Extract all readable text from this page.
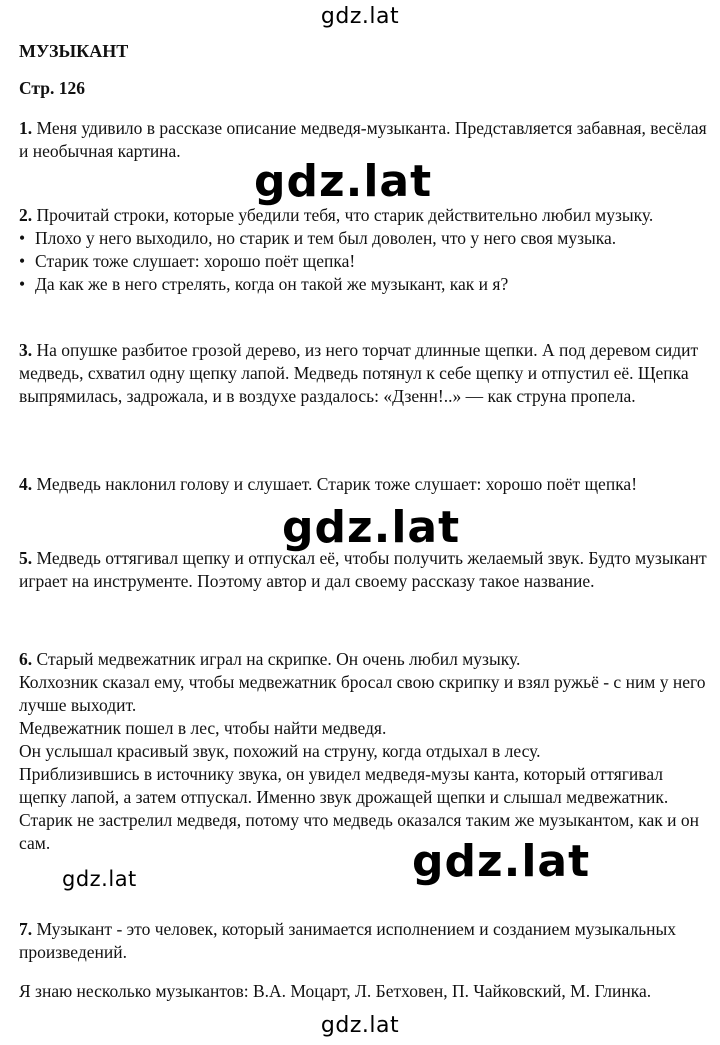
gdz.lat

МУЗЫКАНТ

Стр. 126

1. Меня удивило в рассказе описание медведя-музыканта. Представляется забавная, весёлая и необычная картина.

2. Прочитай строки, которые убедили тебя, что старик действительно любил музыку.

• Плохо у него выходило, но старик и тем был доволен, что у него своя музыка.

• Старик тоже слушает: хорошо поёт щепка!

• Да как же в него стрелять, когда он такой же музыкант, как и я?

3. На опушке разбитое грозой дерево, из него торчат длинные щепки. А под деревом сидит медведь, схватил одну щепку лапой. Медведь потянул к себе щепку и отпустил её. Щепка выпрямилась, задрожала, и в воздухе раздалось: «Дзенн!..» — как струна пропела.

4. Медведь наклонил голову и слушает. Старик тоже слушает: хорошо поёт щепка!

5. Медведь оттягивал щепку и отпускал её, чтобы получить желаемый звук. Будто музыкант играет на инструменте. Поэтому автор и дал своему рассказу такое название.

6. Старый медвежатник играл на скрипке. Он очень любил музыку.

Колхозник сказал ему, чтобы медвежатник бросал свою скрипку и взял ружьё - с ним у него лучше выходит.

Медвежатник пошел в лес, чтобы найти медведя.

Он услышал красивый звук, похожий на струну, когда отдыхал в лесу.

Приблизившись в источнику звука, он увидел медведя-музы канта, который оттягивал щепку лапой, а затем отпускал. Именно звук дрожащей щепки и слышал медвежатник.

Старик не застрелил медведя, потому что медведь оказался таким же музыкантом, как и он сам.

7. Музыкант - это человек, который занимается исполнением и созданием музыкальных произведений.

Я знаю несколько музыкантов: В.А. Моцарт, Л. Бетховен, П. Чайковский, М. Глинка.

gdz.lat
gdz.lat
gdz.lat
gdz.lat
gdz.lat
